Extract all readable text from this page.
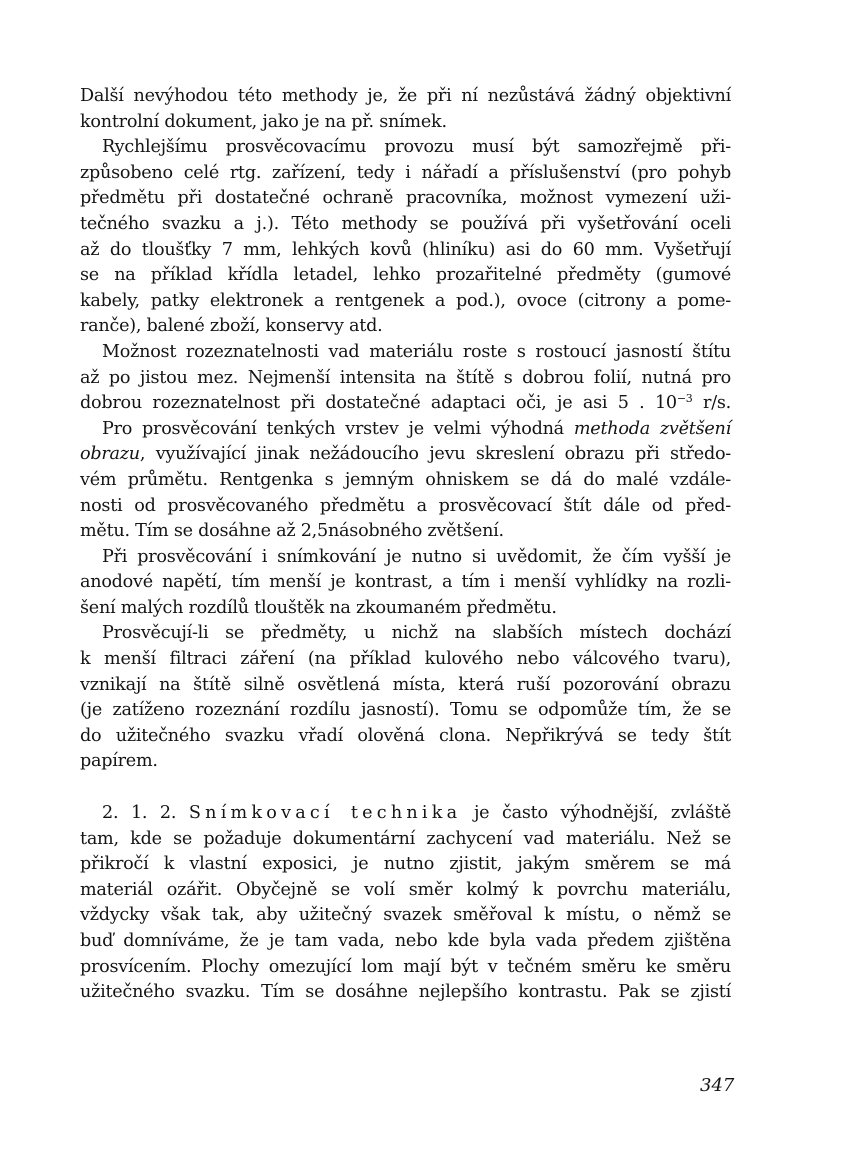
Další nevýhodou této methody je, že při ní nezůstává žádný objektivní
kontrolní dokument, jako je na př. snímek.
Rychlejšímu prosvěcovacímu provozu musí být samozřejmě při-
způsobeno celé rtg. zařízení, tedy i nářadí a příslušenství (pro pohyb
předmětu při dostatečné ochraně pracovníka, možnost vymezení uži-
tečného svazku a j.). Této methody se používá při vyšetřování oceli
až do tloušťky 7 mm, lehkých kovů (hliníku) asi do 60 mm. Vyšetřují
se na příklad křídla letadel, lehko prozařitelné předměty (gumové
kabely, patky elektronek a rentgenek a pod.), ovoce (citrony a pome-
ranče), balené zboží, konservy atd.
Možnost rozeznatelnosti vad materiálu roste s rostoucí jasností štítu
až po jistou mez. Nejmenší intensita na štítě s dobrou folií, nutná pro
dobrou rozeznatelnost při dostatečné adaptaci oči, je asi 5 . $10^{-3}$ r/s.
Pro prosvěcování tenkých vrstev je velmi výhodná methoda zvětšení
obrazu, využívající jinak nežádoucího jevu skreslení obrazu při středo-
vém průmětu. Rentgenka s jemným ohniskem se dá do malé vzdále-
nosti od prosvěcovaného předmětu a prosvěcovací štít dále od před-
mětu. Tím se dosáhne až 2,5násobného zvětšení.
Při prosvěcování i snímkování je nutno si uvědomit, že čím vyšší je
anodové napětí, tím menší je kontrast, a tím i menší vyhlídky na rozli-
šení malých rozdílů tlouštěk na zkoumaném předmětu.
Prosvěcují-li se předměty, u nichž na slabších místech dochází
k menší filtraci záření (na příklad kulového nebo válcového tvaru),
vznikají na štítě silně osvětlená místa, která ruší pozorování obrazu
(je zatíženo rozeznání rozdílu jasností). Tomu se odpomůže tím, že se
do užitečného svazku vřadí olověná clona. Nepřikrývá se tedy štít
papírem.
2. 1. 2. Snímkovací technika je často výhodnější, zvláště
tam, kde se požaduje dokumentární zachycení vad materiálu. Než se
přikročí k vlastní exposici, je nutno zjistit, jakým směrem se má
materiál ozářit. Obyčejně se volí směr kolmý k povrchu materiálu,
vždycky však tak, aby užitečný svazek směřoval k místu, o němž se
buď domníváme, že je tam vada, nebo kde byla vada předem zjištěna
prosvícením. Plochy omezující lom mají být v tečném směru ke směru
užitečného svazku. Tím se dosáhne nejlepšího kontrastu. Pak se zjistí
347
